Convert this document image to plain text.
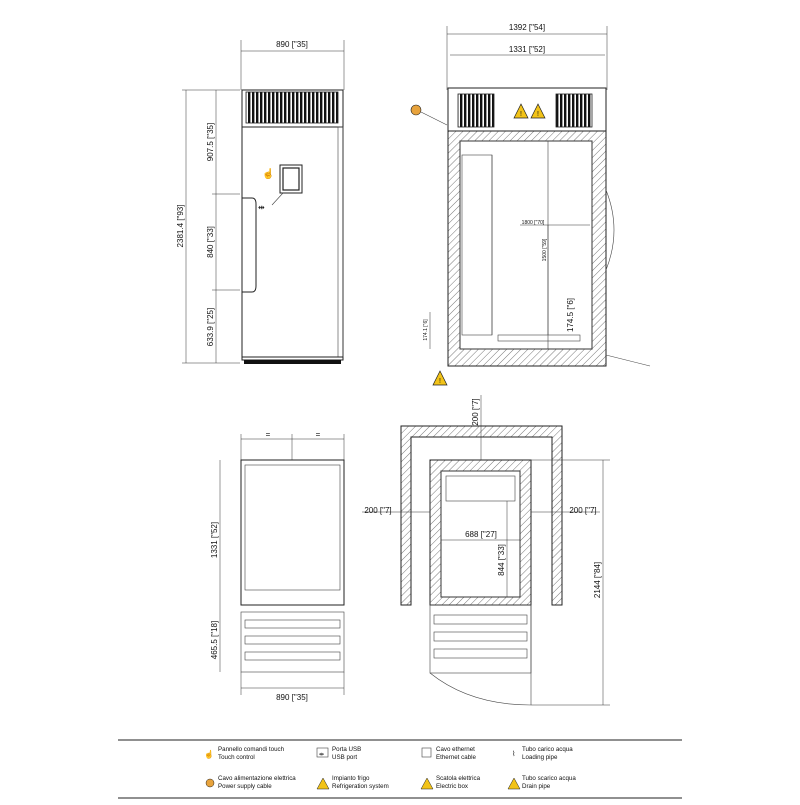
890 ["35]
☝
⇹
2381.4 ["93]
907.5 ["35]
840 ["33]
633.9 ["25]
1392 ["54]
1331 ["52]
! !
1800 ["70]
1500 ["59]
174.1 ["6]	174.5 ["6]
!
=	=
1331 ["52]
465.5 ["18]
890 ["35]
688 ["27]
844 ["33]
200 ["7]
200 ["7]	200 ["7]
2144 ["84]
☝
Pannello comandi touch
Touch control	⇹
Porta USB
USB port
Cavo ethernet
Ethernet cable	⌇
Tubo carico acqua
Loading pipe
Cavo alimentazione elettrica
Power supply cable
Impianto frigo
Refrigeration system
Scatola elettrica
Electric box
Tubo scarico acqua
Drain pipe
